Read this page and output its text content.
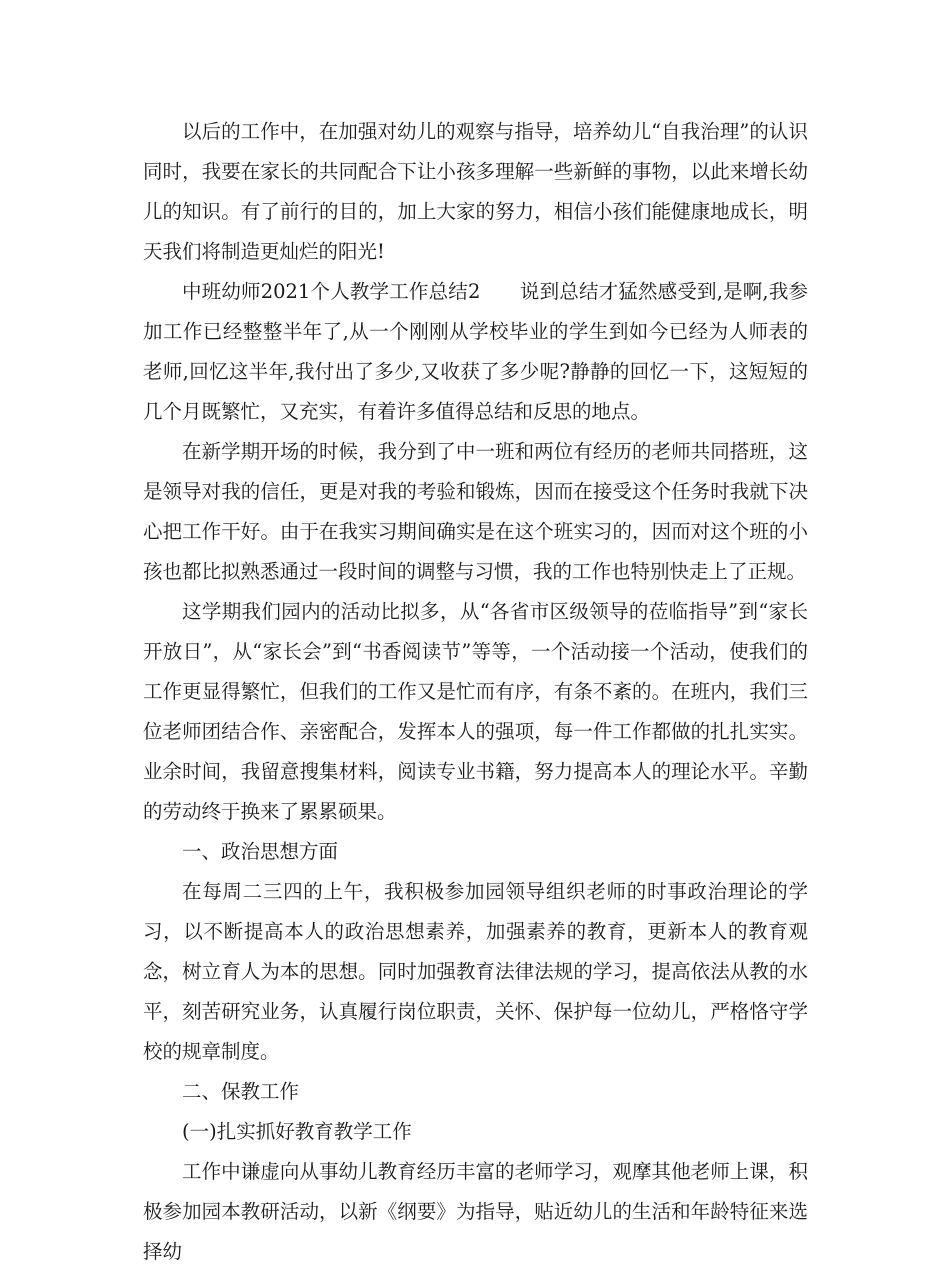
以后的工作中，在加强对幼儿的观察与指导，培养幼儿“自我治理”的认识同时，我要在家长的共同配合下让小孩多理解一些新鲜的事物，以此来增长幼儿的知识。有了前行的目的，加上大家的努力，相信小孩们能健康地成长，明天我们将制造更灿烂的阳光!

中班幼师2021个人教学工作总结2　　说到总结才猛然感受到,是啊,我参加工作已经整整半年了,从一个刚刚从学校毕业的学生到如今已经为人师表的老师,回忆这半年,我付出了多少,又收获了多少呢?静静的回忆一下，这短短的几个月既繁忙，又充实，有着许多值得总结和反思的地点。

在新学期开场的时候，我分到了中一班和两位有经历的老师共同搭班，这是领导对我的信任，更是对我的考验和锻炼，因而在接受这个任务时我就下决心把工作干好。由于在我实习期间确实是在这个班实习的，因而对这个班的小孩也都比拟熟悉通过一段时间的调整与习惯，我的工作也特别快走上了正规。

这学期我们园内的活动比拟多，从“各省市区级领导的莅临指导”到“家长开放日”，从“家长会”到“书香阅读节”等等，一个活动接一个活动，使我们的工作更显得繁忙，但我们的工作又是忙而有序，有条不紊的。在班内，我们三位老师团结合作、亲密配合，发挥本人的强项，每一件工作都做的扎扎实实。业余时间，我留意搜集材料，阅读专业书籍，努力提高本人的理论水平。辛勤的劳动终于换来了累累硕果。

一、政治思想方面

在每周二三四的上午，我积极参加园领导组织老师的时事政治理论的学习，以不断提高本人的政治思想素养，加强素养的教育，更新本人的教育观念，树立育人为本的思想。同时加强教育法律法规的学习，提高依法从教的水平，刻苦研究业务，认真履行岗位职责，关怀、保护每一位幼儿，严格恪守学校的规章制度。

二、保教工作

(一)扎实抓好教育教学工作

工作中谦虚向从事幼儿教育经历丰富的老师学习，观摩其他老师上课，积极参加园本教研活动，以新《纲要》为指导，贴近幼儿的生活和年龄特征来选择幼
